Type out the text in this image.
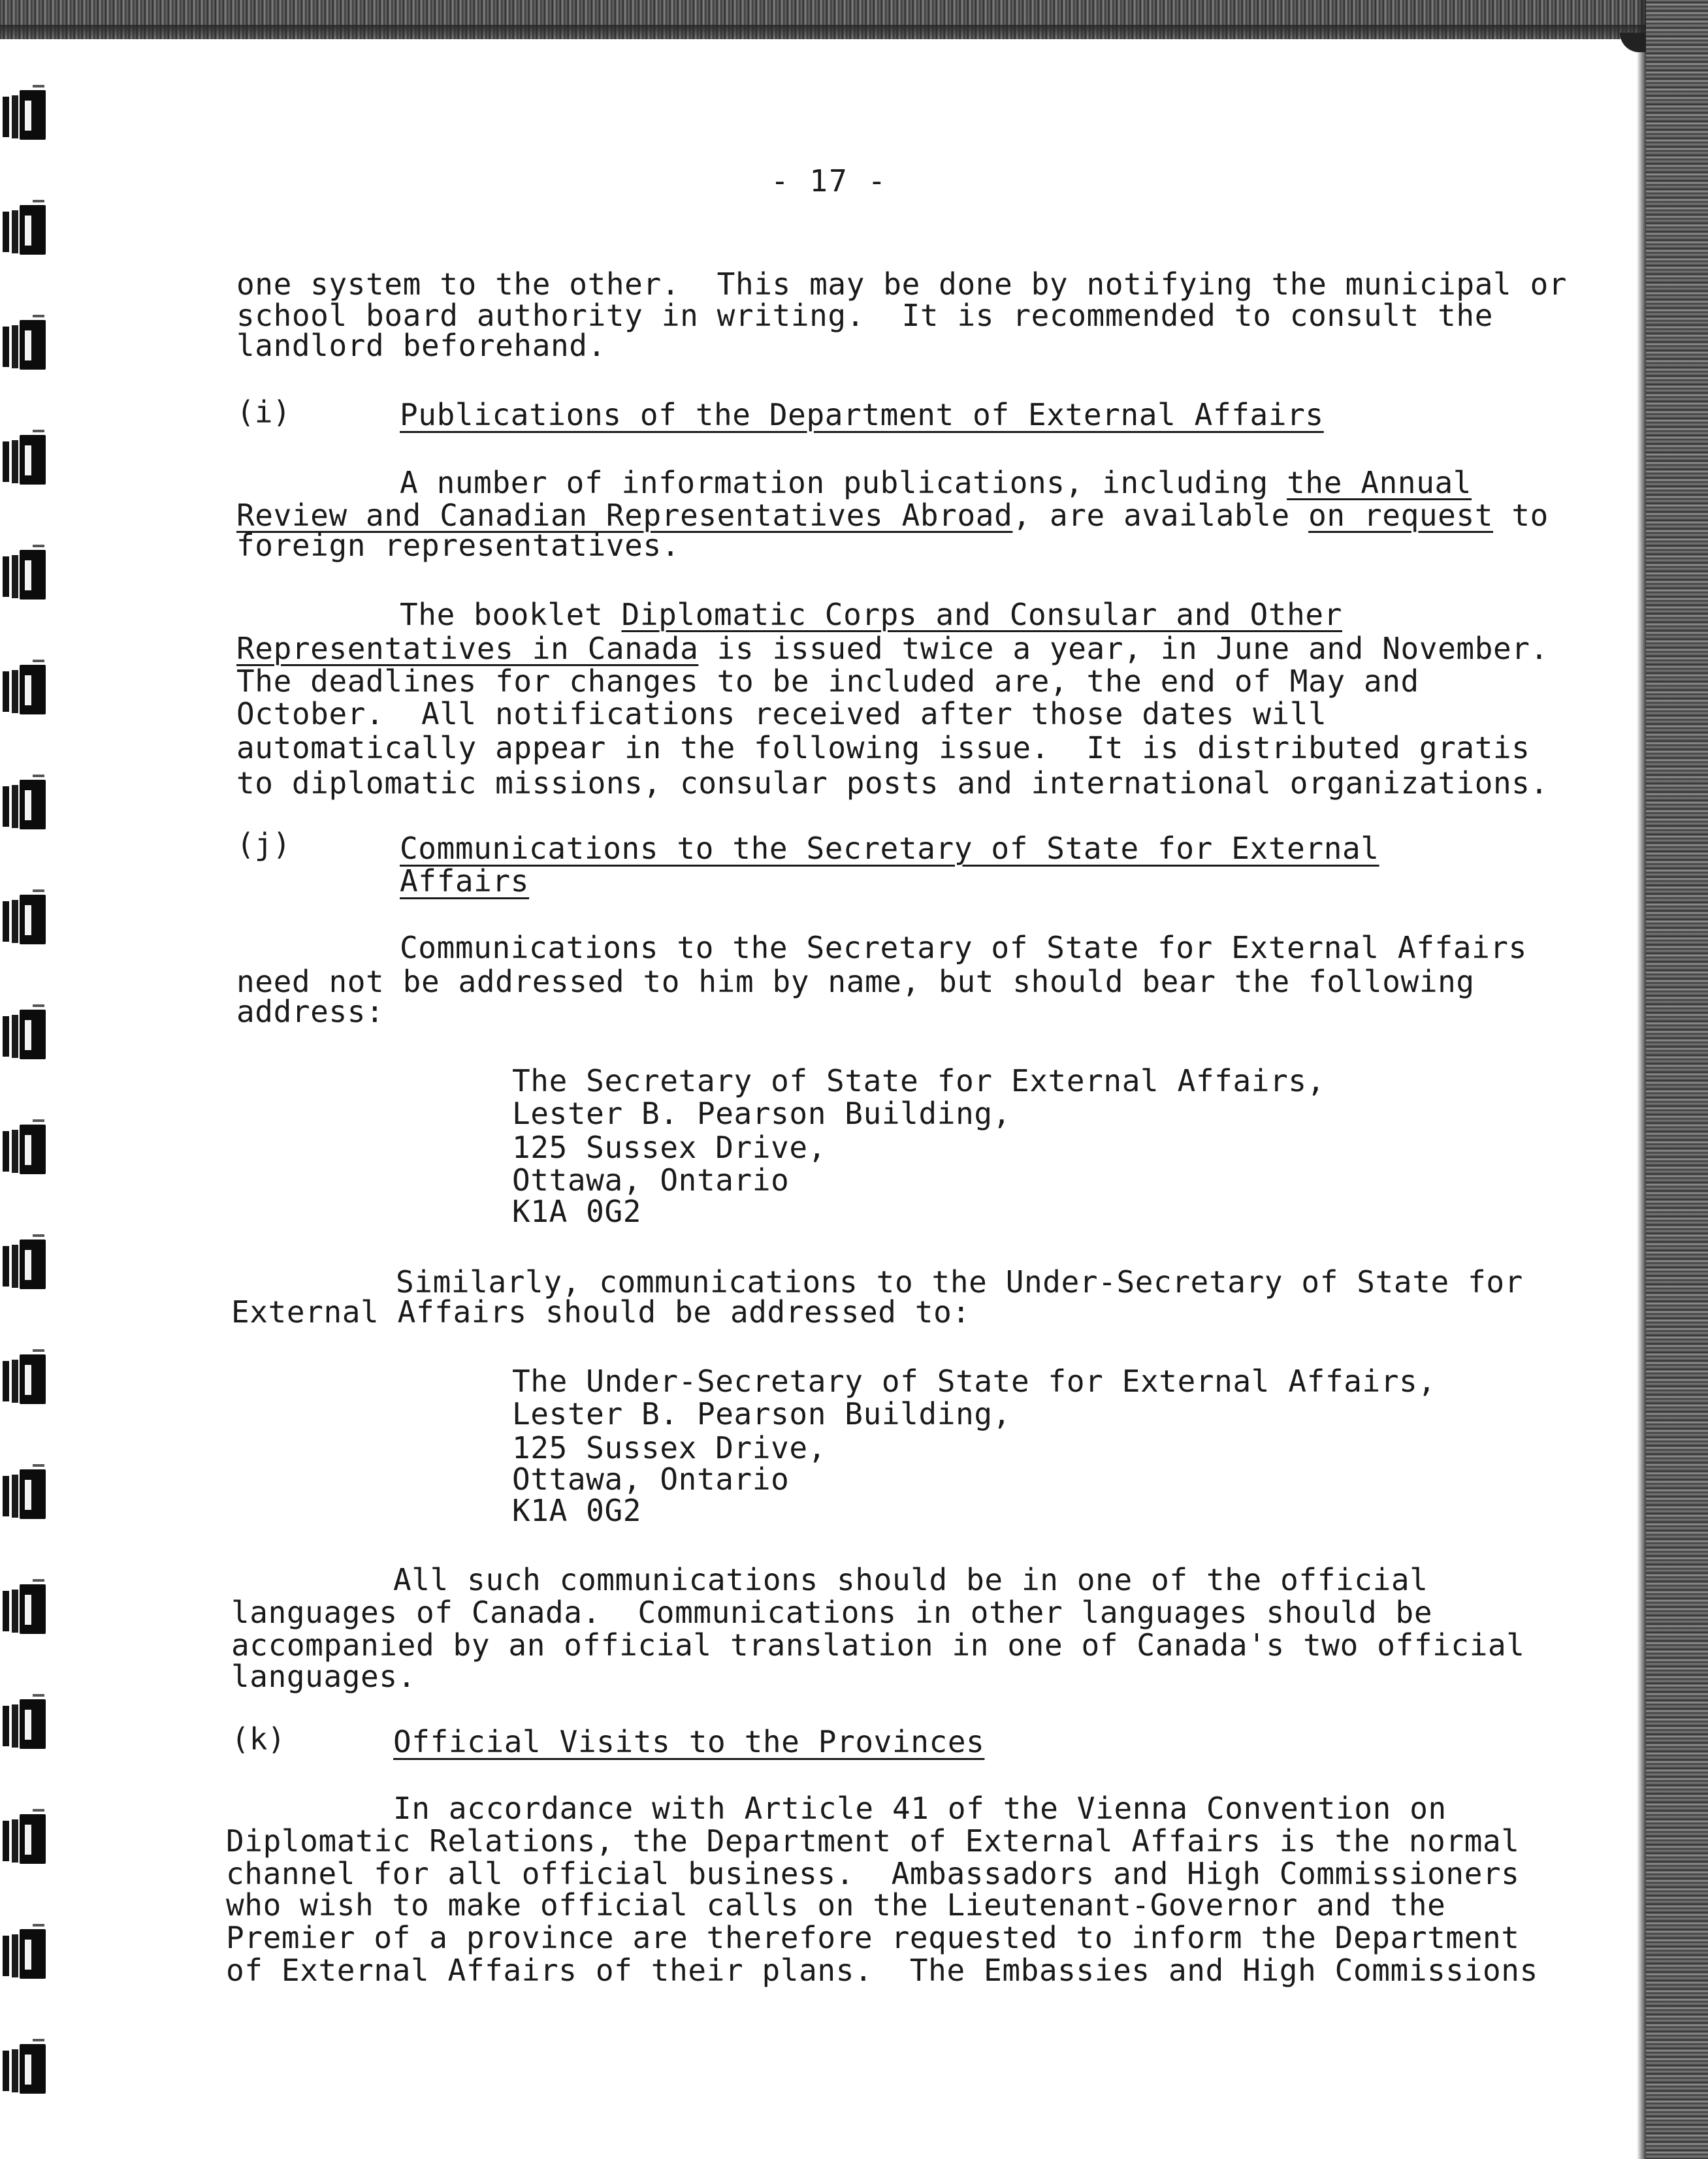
- 17 -
one system to the other.  This may be done by notifying the municipal or
school board authority in writing.  It is recommended to consult the
landlord beforehand.
(i)	Publications of the Department of External Affairs
A number of information publications, including the Annual
Review and Canadian Representatives Abroad, are available on request to
foreign representatives.
The booklet Diplomatic Corps and Consular and Other
Representatives in Canada is issued twice a year, in June and November.
The deadlines for changes to be included are, the end of May and
October.  All notifications received after those dates will
automatically appear in the following issue.  It is distributed gratis
to diplomatic missions, consular posts and international organizations.
(j)	Communications to the Secretary of State for External
Affairs
Communications to the Secretary of State for External Affairs
need not be addressed to him by name, but should bear the following
address:
The Secretary of State for External Affairs,
Lester B. Pearson Building,
125 Sussex Drive,
Ottawa, Ontario
K1A 0G2
Similarly, communications to the Under-Secretary of State for
External Affairs should be addressed to:
The Under-Secretary of State for External Affairs,
Lester B. Pearson Building,
125 Sussex Drive,
Ottawa, Ontario
K1A 0G2
All such communications should be in one of the official
languages of Canada.  Communications in other languages should be
accompanied by an official translation in one of Canada's two official
languages.
(k)	Official Visits to the Provinces
In accordance with Article 41 of the Vienna Convention on
Diplomatic Relations, the Department of External Affairs is the normal
channel for all official business.  Ambassadors and High Commissioners
who wish to make official calls on the Lieutenant-Governor and the
Premier of a province are therefore requested to inform the Department
of External Affairs of their plans.  The Embassies and High Commissions
